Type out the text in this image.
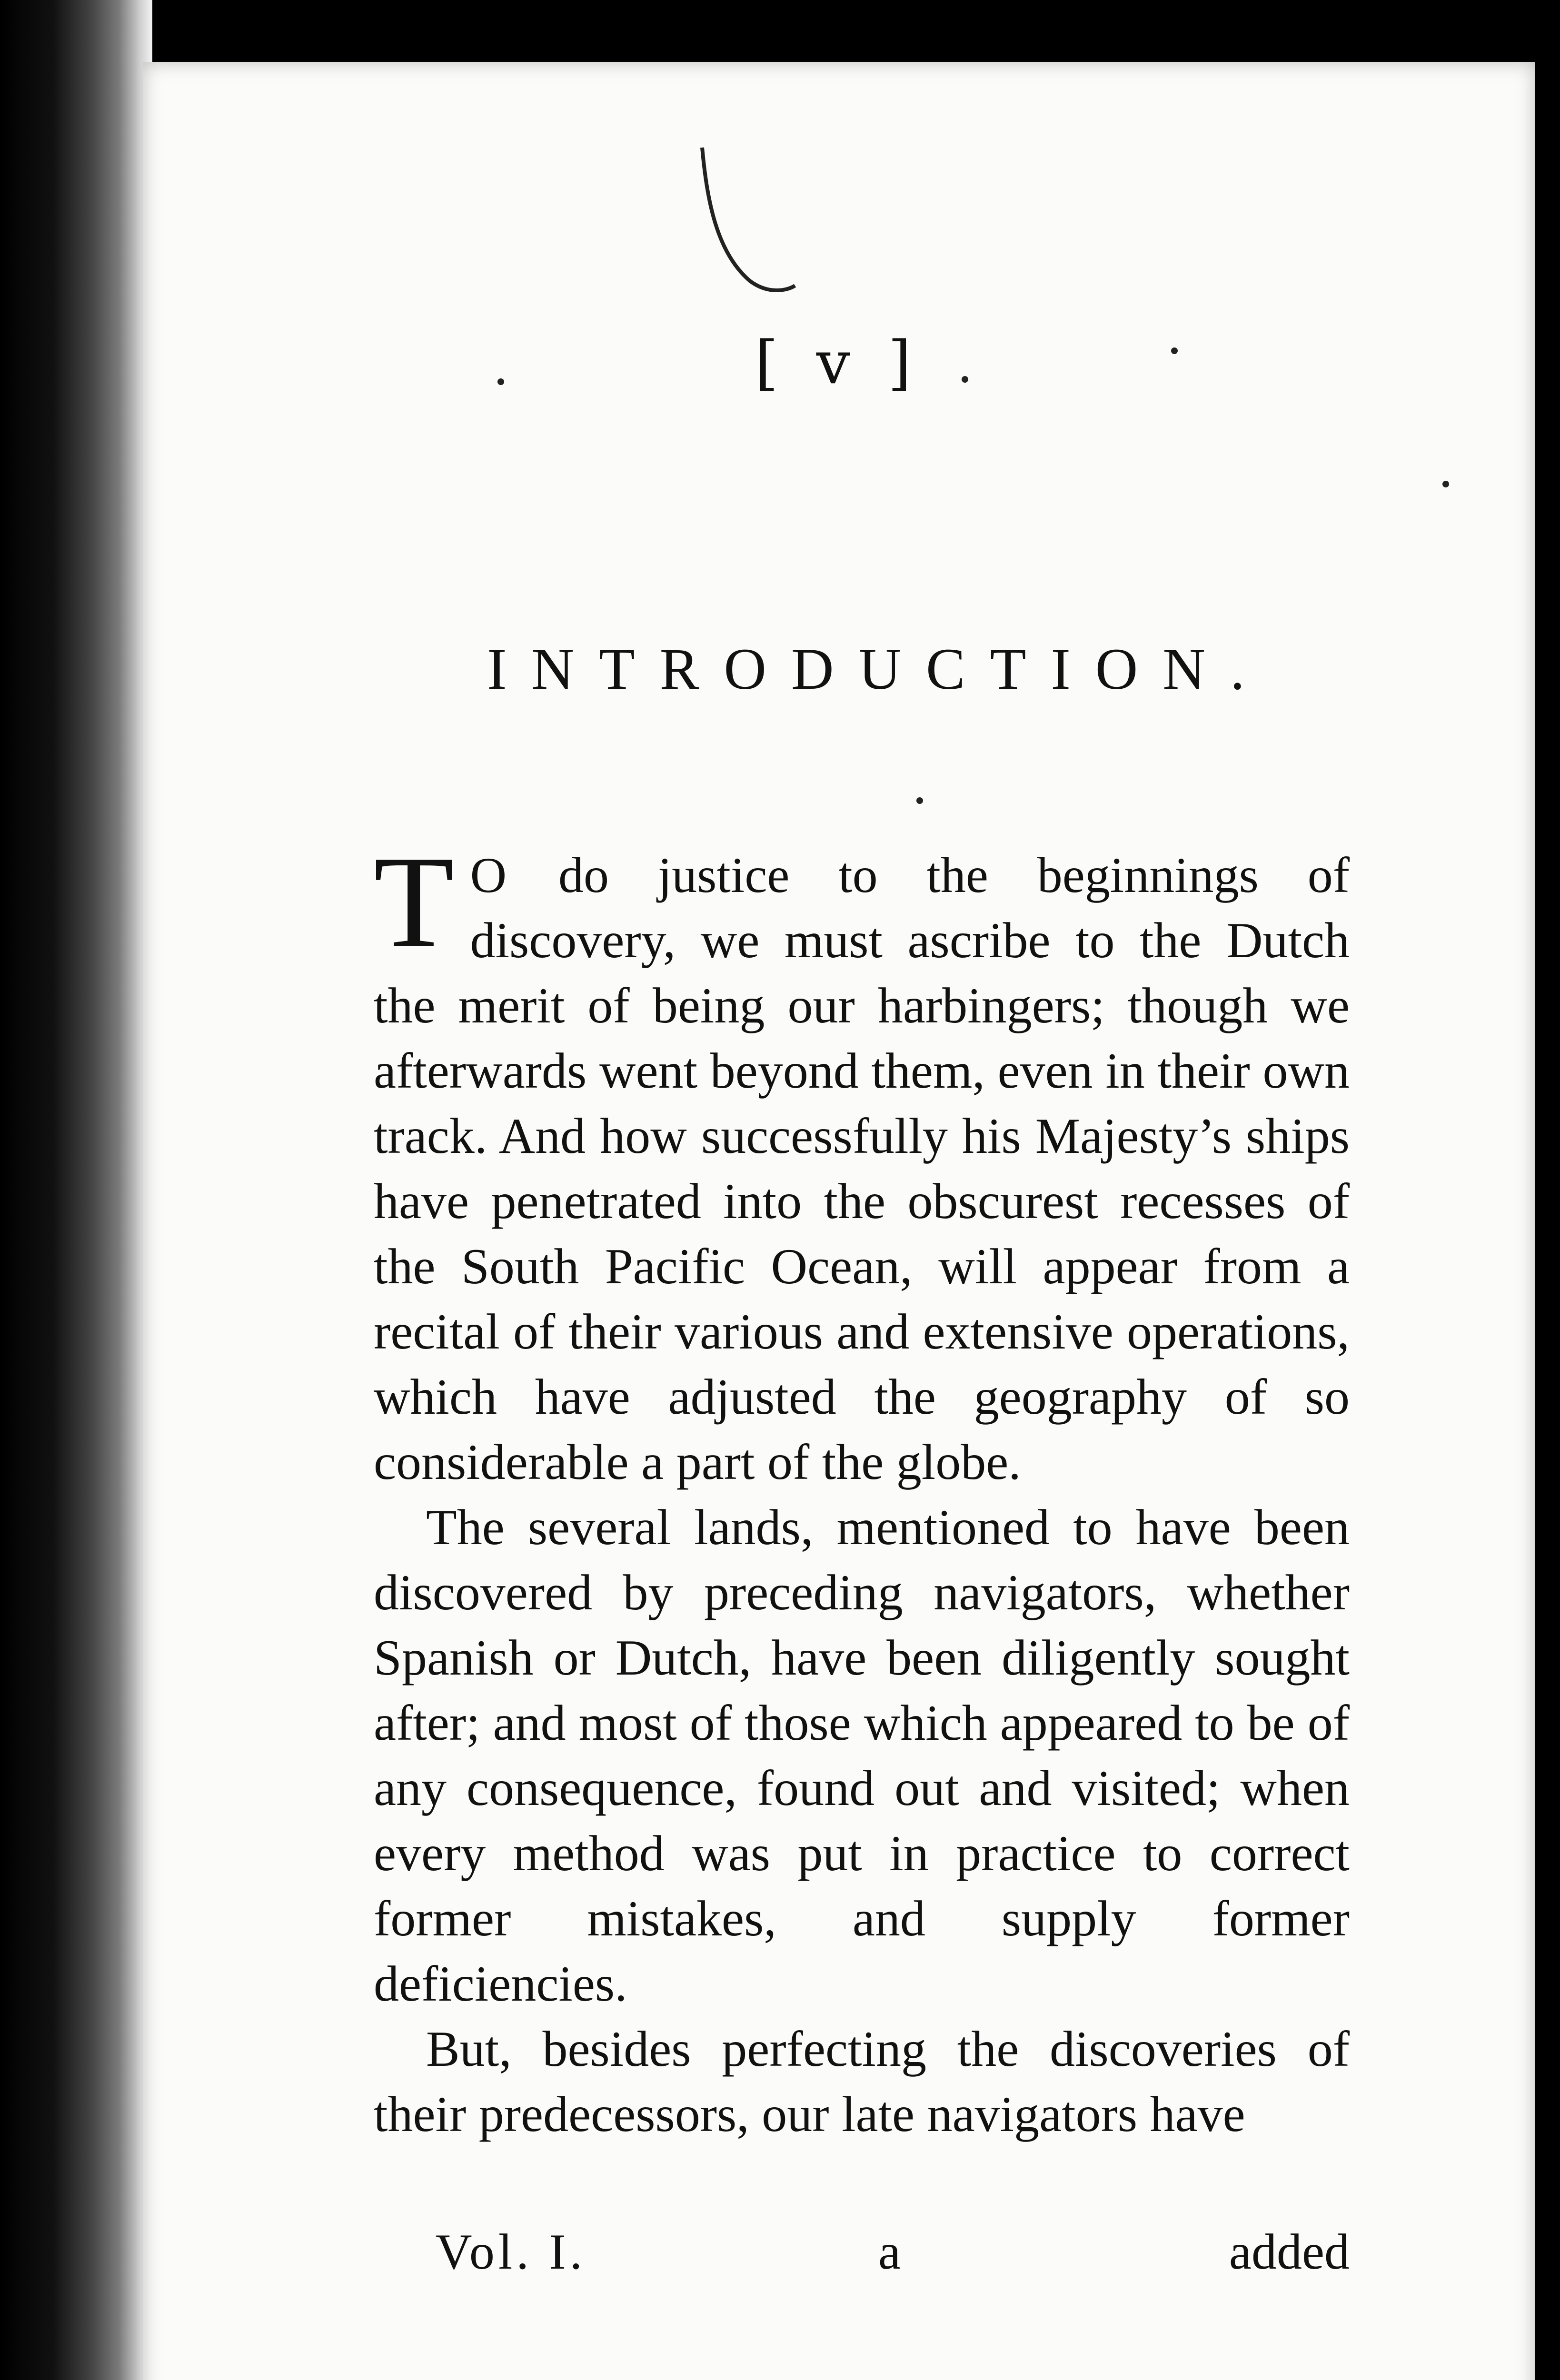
[ v ]
INTRODUCTION.

T O do justice to the beginnings of discovery, we must ascribe to the Dutch the merit of being our harbingers; though we afterwards went beyond them, even in their own track. And how successfully his Majesty’s ships have penetrated into the obscurest recesses of the South Pacific Ocean, will appear from a recital of their various and extensive operations, which have adjusted the geography of so considerable a part of the globe.

The several lands, mentioned to have been discovered by preceding navigators, whether Spanish or Dutch, have been diligently sought after; and most of those which appeared to be of any consequence, found out and visited; when every method was put in practice to correct former mistakes, and supply former deficiencies.

But, besides perfecting the discoveries of their predecessors, our late navigators have

Vol. I.	a	added
